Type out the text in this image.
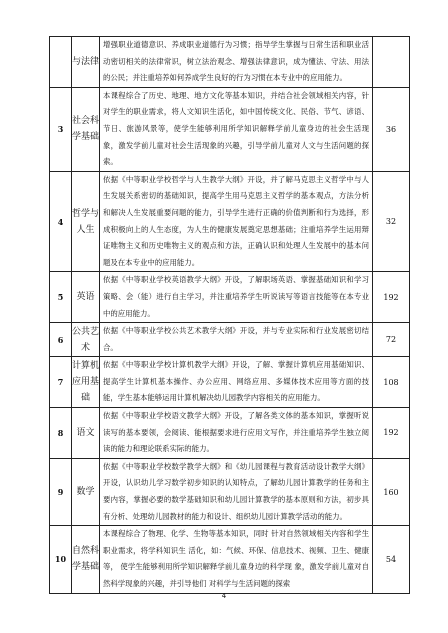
	与法律	增强职业道德意识、养成职业道德行为习惯；指导学生掌握与日常生活和职业活动密切相关的法律常识，树立法治观念、增强法律意识，成为懂法、守法、用法的公民；并注重培养如何养成学生良好的行为习惯在本专业中的应用能力。	
3	社会科学基础	本课程综合了历史、地理、地方文化等基本知识，并结合社会领域相关内容，针对学生的职业需求，将人文知识生活化，如中国传统文化、民俗、节气、谚语、节日、旅游风景等，使学生能够利用所学知识解释学前儿童身边的社会生活现象，激发学前儿童对社会生活现象的兴趣，引导学前儿童对人文与生活问题的探索。	36
4	哲学与人生	依据《中等职业学校哲学与人生教学大纲》开设，并了解马克思主义哲学中与人生发展关系密切的基础知识，提高学生用马克思主义哲学的基本观点，方法分析和解决人生发展重要问题的能力，引导学生进行正确的价值判断和行为选择，形成积极向上的人生态度，为人生的健康发展奠定思想基础；注重培养学生运用辩证唯物主义和历史唯物主义的观点和方法，正确认识和处理人生发展中的基本问题及在本专业中的应用能力。	32
5	英语	依据《中等职业学校英语教学大纲》开设，了解职场英语、掌握基础知识和学习策略、会（能）进行自主学习，并注重培养学生听说读写等语言技能等在本专业中的应用能力。	192
6	公共艺术	依据《中等职业学校公共艺术教学大纲》开设，并与专业实际和行业发展密切结合。	72
7	计算机应用基础	依据《中等职业学校计算机教学大纲》开设，了解、掌握计算机应用基础知识、提高学生计算机基本操作、办公应用、网络应用、多媒体技术应用等方面的技能，学生基本能够运用计算机解决幼儿园教学内容相关的应用能力。	108
8	语文	依据《中等职业学校语文教学大纲》开设，了解各类文体的基本知识，掌握听说读写的基本要领，会阅读、能根据要求进行应用文写作，并注重培养学生独立阅读的能力和理论联系实际的能力。	192
9	数学	依据《中等职业学校数学教学大纲》和《幼儿园课程与教育活动设计教学大纲》开设，认识幼儿学习数学初步知识的认知特点，了解幼儿园计算教学的任务和主要内容，掌握必要的数学基础知识和幼儿园计算教学的基本原则和方法，初步具有分析、处理幼儿园教材的能力和设计、组织幼儿园计算教学活动的能力。	160
10	自然科学基础	本课程综合了物理、化学、生物等基本知识，同时 针对自然领域相关内容和学生职业需求，将学科知识生 活化，如：气候、环保、信息技术、视频、卫生、健康等， 使学生能够利用所学知识解释学前儿童身边的科学现 象，激发学前儿童对自然科学现象的兴趣，并引导他们 对科学与生活问题的探索	54
4
